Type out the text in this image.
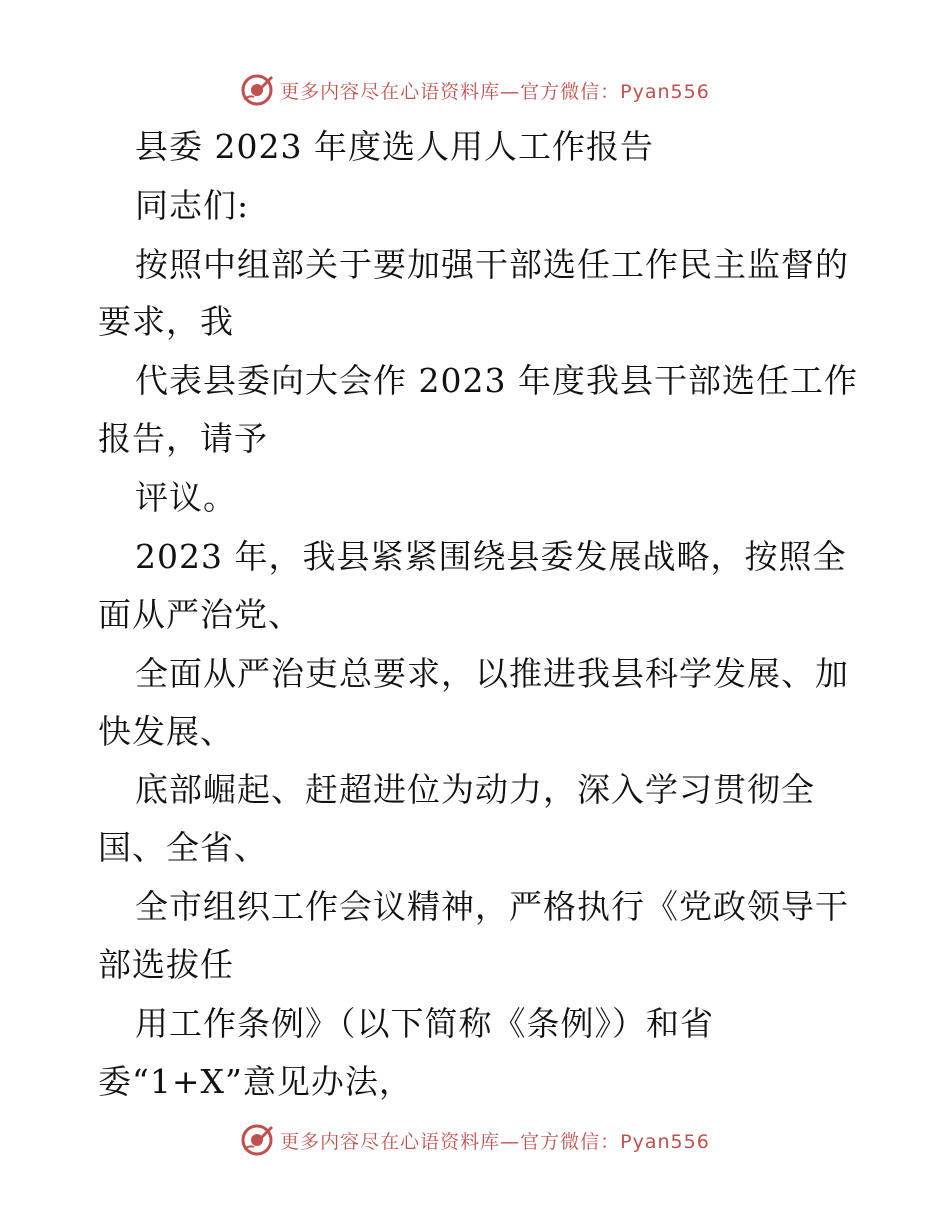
更多内容尽在心语资料库—官方微信：Pyan556
县委 2023 年度选人用人工作报告
同志们:
按照中组部关于要加强干部选任工作民主监督的
要求，我
代表县委向大会作 2023 年度我县干部选任工作
报告，请予
评议。
2023 年，我县紧紧围绕县委发展战略，按照全
面从严治党、
全面从严治吏总要求，以推进我县科学发展、加
快发展、
底部崛起、赶超进位为动力，深入学习贯彻全
国、全省、
全市组织工作会议精神，严格执行《党政领导干
部选拔任
用工作条例》（以下简称《条例》）和省
委“1+X”意见办法，
更多内容尽在心语资料库—官方微信：Pyan556
